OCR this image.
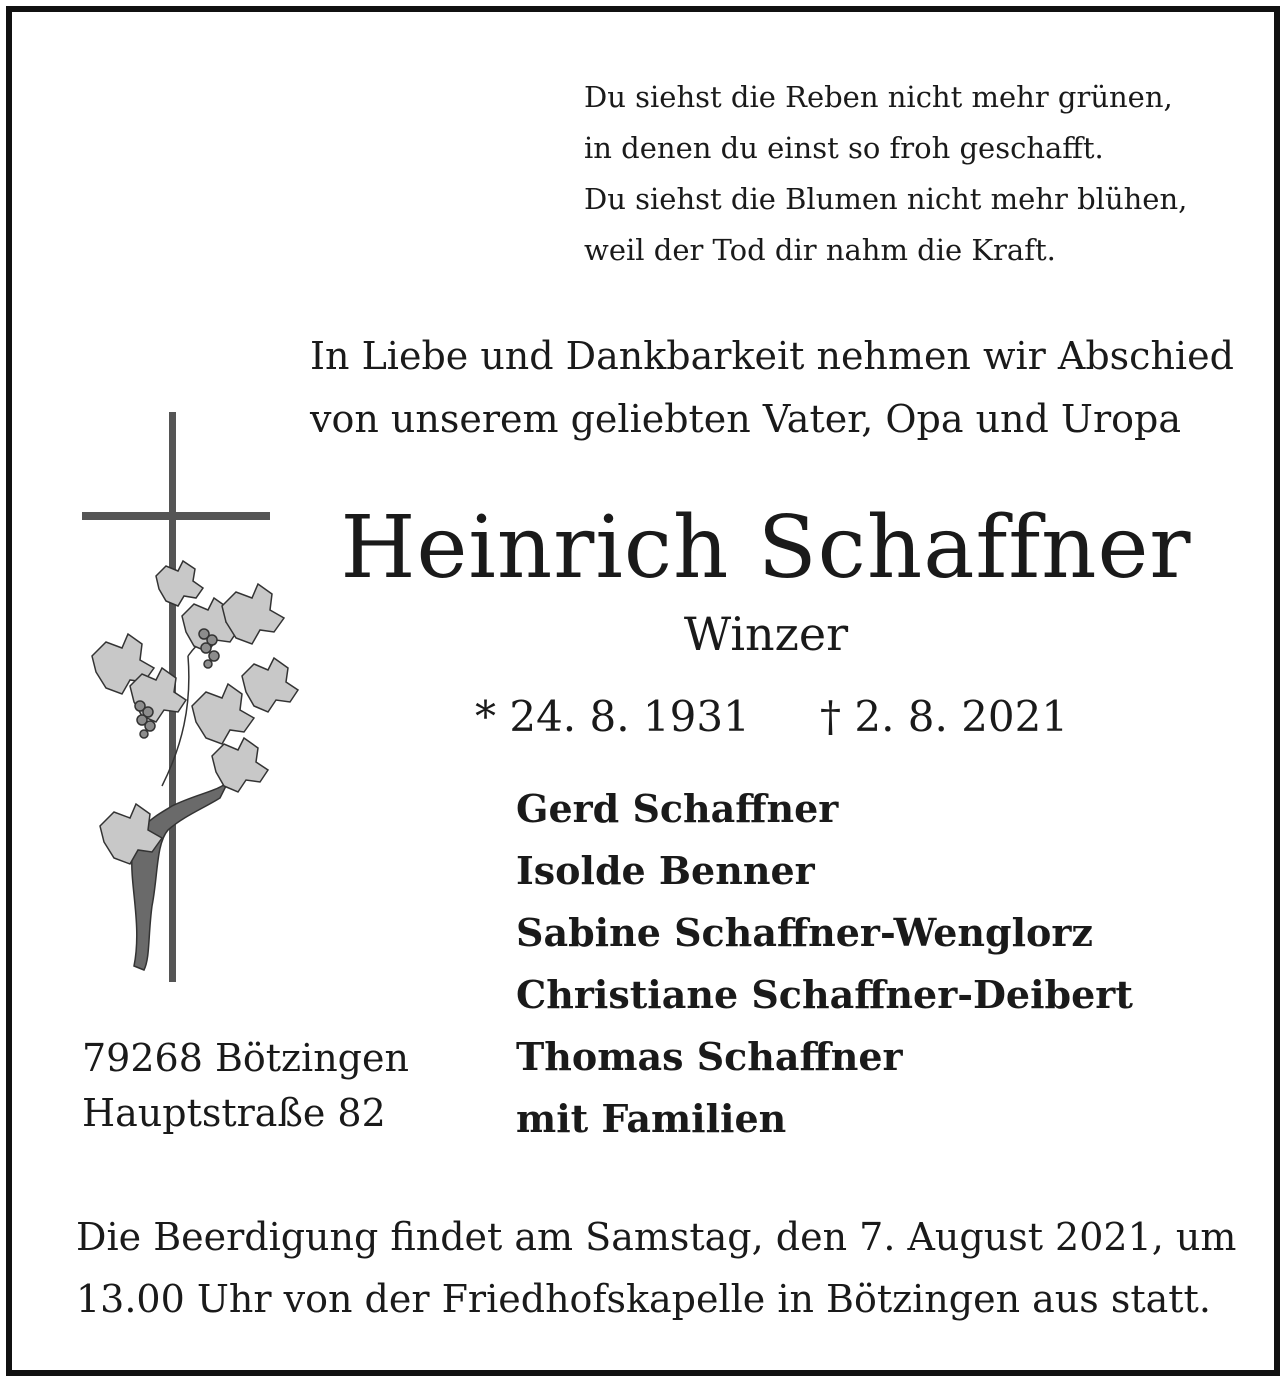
Du siehst die Reben nicht mehr grünen,
in denen du einst so froh geschafft.
Du siehst die Blumen nicht mehr blühen,
weil der Tod dir nahm die Kraft.
In Liebe und Dankbarkeit nehmen wir Abschied
von unserem geliebten Vater, Opa und Uropa
Heinrich Schaffner
Winzer
* 24. 8. 1931 † 2. 8. 2021
Gerd Schaffner
Isolde Benner
Sabine Schaffner-Wenglorz
Christiane Schaffner-Deibert
Thomas Schaffner
mit Familien
79268 Bötzingen
Hauptstraße 82
Die Beerdigung findet am Samstag, den 7. August 2021, um
13.00 Uhr von der Friedhofskapelle in Bötzingen aus statt.
